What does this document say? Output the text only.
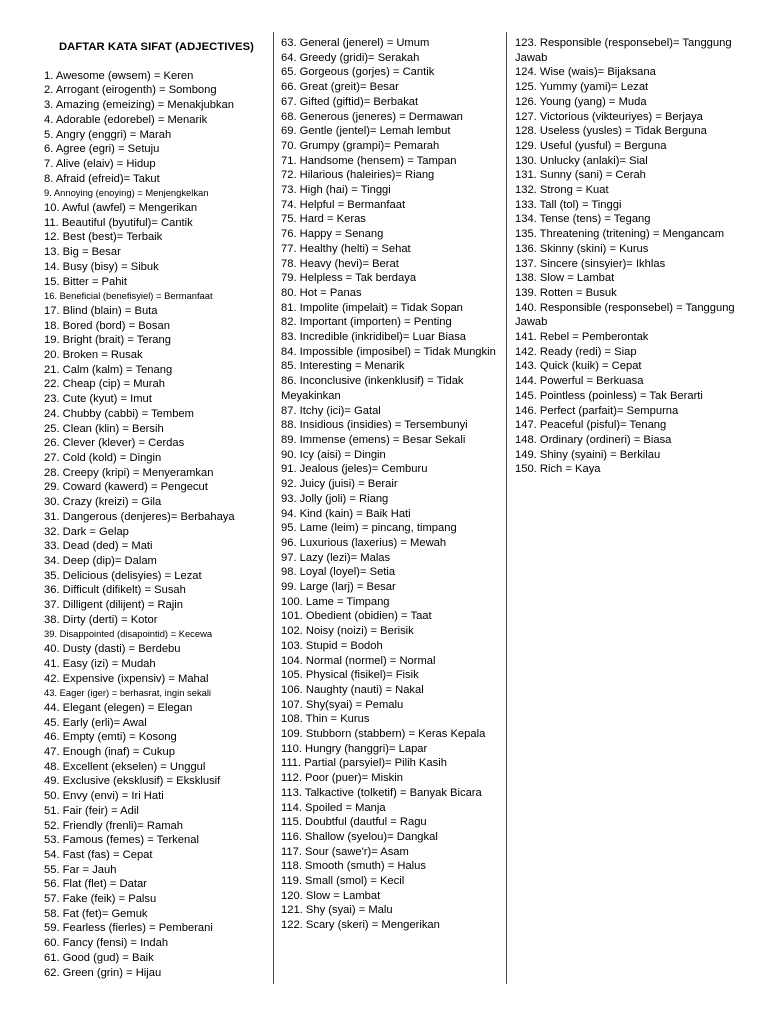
DAFTAR KATA SIFAT (ADJECTIVES)
1. Awesome (ɵwsem) = Keren
2. Arrogant (eirogenth) = Sombong
3. Amazing (emeizing) = Menakjubkan
4. Adorable (edorebel) = Menarik
5. Angry (enggri) = Marah
6. Agree (egri) = Setuju
7. Alive (elaiv) = Hidup
8. Afraid (efreid)= Takut
9. Annoying (enoying) = Menjengkelkan
10. Awful (awfel) = Mengerikan
11. Beautiful (byutiful)= Cantik
12. Best (best)= Terbaik
13. Big = Besar
14. Busy (bisy) = Sibuk
15. Bitter = Pahit
16. Beneficial (benefisyiel) = Bermanfaat
17. Blind (blain) = Buta
18. Bored (bord) = Bosan
19. Bright (brait) = Terang
20. Broken = Rusak
21. Calm (kalm) = Tenang
22. Cheap (cip) = Murah
23. Cute (kyut) = Imut
24. Chubby (cabbi) = Tembem
25. Clean (klin) = Bersih
26. Clever (klever) = Cerdas
27. Cold (kold) = Dingin
28. Creepy (kripi) = Menyeramkan
29. Coward (kawerd) = Pengecut
30. Crazy (kreizi) = Gila
31. Dangerous (denjeres)= Berbahaya
32. Dark = Gelap
33. Dead (ded) = Mati
34. Deep (dip)= Dalam
35. Delicious (delisyies) = Lezat
36. Difficult (difikelt) = Susah
37. Dilligent (dilijent) = Rajin
38. Dirty (derti) = Kotor
39. Disappointed (disapointid) = Kecewa
40. Dusty (dasti) = Berdebu
41. Easy (izi) = Mudah
42. Expensive (ixpensiv) = Mahal
43. Eager (iger) = berhasrat, ingin sekali
44. Elegant (elegen) = Elegan
45. Early (erli)= Awal
46. Empty (emti) = Kosong
47. Enough (inaf) = Cukup
48. Excellent (ekselen) = Unggul
49. Exclusive (eksklusif) = Eksklusif
50. Envy (envi) = Iri Hati
51. Fair (feir) = Adil
52. Friendly (frenli)= Ramah
53. Famous (femes) = Terkenal
54. Fast (fas) = Cepat
55. Far = Jauh
56. Flat (flet) = Datar
57. Fake (feik) = Palsu
58. Fat (fet)= Gemuk
59. Fearless (fierles) = Pemberani
60. Fancy (fensi) = Indah
61. Good (gud) = Baik
62. Green (grin) = Hijau
63. General (jenerel) = Umum
64. Greedy (gridi)= Serakah
65. Gorgeous (gorjes) = Cantik
66. Great (greit)= Besar
67. Gifted (giftid)= Berbakat
68. Generous (jeneres) = Dermawan
69. Gentle (jentel)= Lemah lembut
70. Grumpy (grampi)= Pemarah
71. Handsome (hensem) = Tampan
72. Hilarious (haleiries)= Riang
73. High (hai) = Tinggi
74. Helpful = Bermanfaat
75. Hard = Keras
76. Happy = Senang
77. Healthy (helti) = Sehat
78. Heavy (hevi)= Berat
79. Helpless = Tak berdaya
80. Hot = Panas
81. Impolite (impelait) = Tidak Sopan
82. Important (importen) = Penting
83. Incredible (inkridibel)= Luar Biasa
84. Impossible (imposibel) = Tidak Mungkin
85. Interesting = Menarik
86. Inconclusive (inkenklusif) = Tidak Meyakinkan
87. Itchy (ici)= Gatal
88. Insidious (insidies) = Tersembunyi
89. Immense (emens) = Besar Sekali
90. Icy (aisi) = Dingin
91. Jealous (jeles)= Cemburu
92. Juicy (juisi) = Berair
93. Jolly (joli) = Riang
94. Kind (kain) = Baik Hati
95. Lame (leim) = pincang, timpang
96. Luxurious (laxerius) = Mewah
97. Lazy (lezi)= Malas
98. Loyal (loyel)= Setia
99. Large (larj) = Besar
100. Lame = Timpang
101. Obedient (obidien) = Taat
102. Noisy (noizi) = Berisik
103. Stupid = Bodoh
104. Normal (normel) = Normal
105. Physical (fisikel)= Fisik
106. Naughty (nauti) = Nakal
107. Shy(syai) = Pemalu
108. Thin = Kurus
109. Stubborn (stabbern) = Keras Kepala
110. Hungry (hanggri)= Lapar
111. Partial (parsyiel)= Pilih Kasih
112. Poor (puer)= Miskin
113. Talkactive (tolketif) = Banyak Bicara
114. Spoiled = Manja
115. Doubtful (dautful = Ragu
116. Shallow (syelou)= Dangkal
117. Sour (sawe'r)= Asam
118. Smooth (smuth) = Halus
119. Small (smol) = Kecil
120. Slow = Lambat
121. Shy (syai) = Malu
122. Scary (skeri) = Mengerikan
123. Responsible (responsebel)= Tanggung Jawab
124. Wise (wais)= Bijaksana
125. Yummy (yami)= Lezat
126. Young (yang) = Muda
127. Victorious (vikteuriyes) = Berjaya
128. Useless (yusles) = Tidak Berguna
129. Useful (yusful) = Berguna
130. Unlucky (anlaki)= Sial
131. Sunny (sani) = Cerah
132. Strong = Kuat
133. Tall (tol) = Tinggi
134. Tense (tens) = Tegang
135. Threatening (tritening) = Mengancam
136. Skinny (skini) = Kurus
137. Sincere (sinsyier)= Ikhlas
138. Slow = Lambat
139. Rotten = Busuk
140. Responsible (responsebel) = Tanggung Jawab
141. Rebel = Pemberontak
142. Ready (redi) = Siap
143. Quick (kuik) = Cepat
144. Powerful = Berkuasa
145. Pointless (poinless) = Tak Berarti
146. Perfect (parfait)= Sempurna
147. Peaceful (pisful)= Tenang
148. Ordinary (ordineri) = Biasa
149. Shiny (syaini) = Berkilau
150. Rich = Kaya
